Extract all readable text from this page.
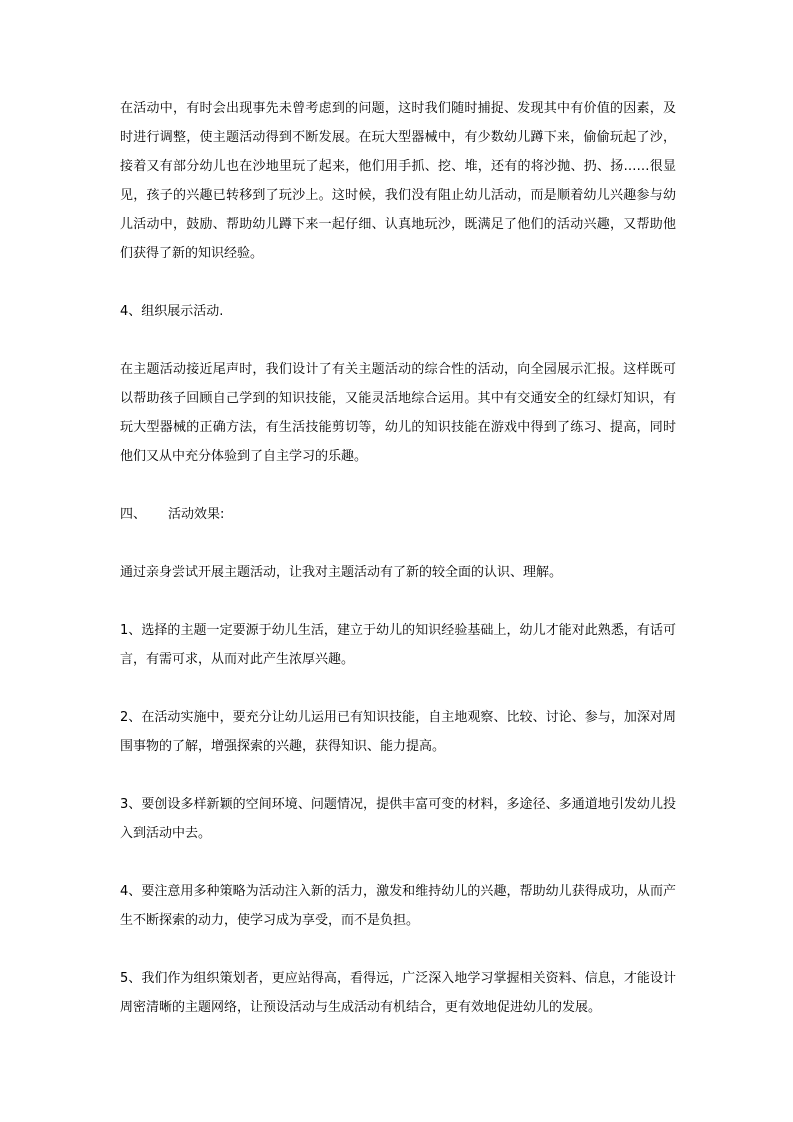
在活动中，有时会出现事先未曾考虑到的问题，这时我们随时捕捉、发现其中有价值的因素，及时进行调整，使主题活动得到不断发展。在玩大型器械中，有少数幼儿蹲下来，偷偷玩起了沙，接着又有部分幼儿也在沙地里玩了起来，他们用手抓、挖、堆，还有的将沙抛、扔、扬……很显见，孩子的兴趣已转移到了玩沙上。这时候，我们没有阻止幼儿活动，而是顺着幼儿兴趣参与幼儿活动中，鼓励、帮助幼儿蹲下来一起仔细、认真地玩沙，既满足了他们的活动兴趣，又帮助他们获得了新的知识经验。

4、组织展示活动.

在主题活动接近尾声时，我们设计了有关主题活动的综合性的活动，向全园展示汇报。这样既可以帮助孩子回顾自己学到的知识技能，又能灵活地综合运用。其中有交通安全的红绿灯知识，有玩大型器械的正确方法，有生活技能剪切等，幼儿的知识技能在游戏中得到了练习、提高，同时他们又从中充分体验到了自主学习的乐趣。

四、 活动效果:

通过亲身尝试开展主题活动，让我对主题活动有了新的较全面的认识、理解。

1、选择的主题一定要源于幼儿生活，建立于幼儿的知识经验基础上，幼儿才能对此熟悉，有话可言，有需可求，从而对此产生浓厚兴趣。

2、在活动实施中，要充分让幼儿运用已有知识技能，自主地观察、比较、讨论、参与，加深对周围事物的了解，增强探索的兴趣，获得知识、能力提高。

3、要创设多样新颖的空间环境、问题情况，提供丰富可变的材料，多途径、多通道地引发幼儿投入到活动中去。

4、要注意用多种策略为活动注入新的活力，激发和维持幼儿的兴趣，帮助幼儿获得成功，从而产生不断探索的动力，使学习成为享受，而不是负担。

5、我们作为组织策划者，更应站得高，看得远，广泛深入地学习掌握相关资料、信息，才能设计周密清晰的主题网络，让预设活动与生成活动有机结合，更有效地促进幼儿的发展。
